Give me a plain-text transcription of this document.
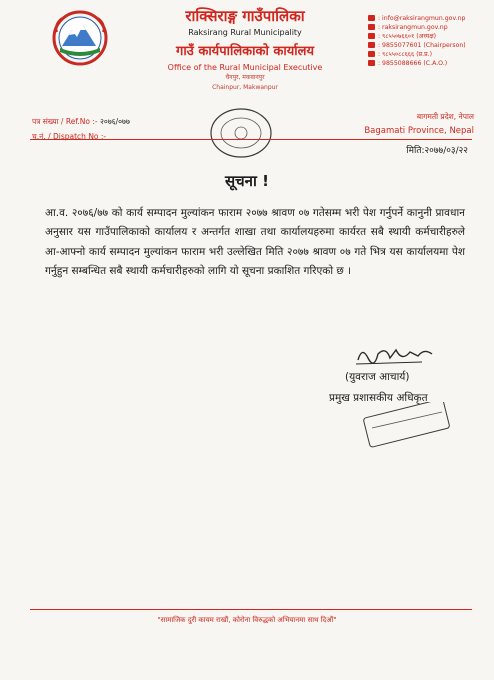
राक्सिराङ्ग गाउँपालिका
Raksirang Rural Municipality
गाउँ कार्यपालिकाको कार्यालय
Office of the Rural Municipal Executive
चैनपुर, मकवानपुर
Chainpur, Makwanpur
: info@raksirangmun.gov.np
: raksirangmun.gov.np
: ९८५५०७६६०१ (अध्यक्ष)
: 9855077601 (Chairperson)
: ९८५५०८८६६६ (प्र.प्र.)
: 9855088666 (C.A.O.)
पत्र संख्या / Ref.No :- २०७६/०७७
च.नं. / Dispatch No :-
बागमती प्रदेश, नेपाल
Bagamati Province, Nepal
मिति:२०७७/०३/२२
सूचना !
आ.व. २०७६/७७ को कार्य सम्पादन मुल्यांकन फाराम २०७७ श्रावण ०७ गतेसम्म भरी पेश गर्नुपर्ने कानुनी प्रावधान अनुसार यस गाउँपालिकाको कार्यालय र अन्तर्गत शाखा तथा कार्यालयहरुमा कार्यरत सबै स्थायी कर्मचारीहरुले आ-आफ्नो कार्य सम्पादन मुल्यांकन फाराम भरी उल्लेखित मिति २०७७ श्रावण ०७ गते भित्र यस कार्यालयमा पेश गर्नुहुन सम्बन्धित सबै स्थायी कर्मचारीहरुको लागि यो सूचना प्रकाशित गरिएको छ ।
(युवराज आचार्य)
प्रमुख प्रशासकीय अधिकृत
"सामाजिक दुरी कायम राखौं, कोरोना विरुद्धको अभियानमा साथ दिऔं"
